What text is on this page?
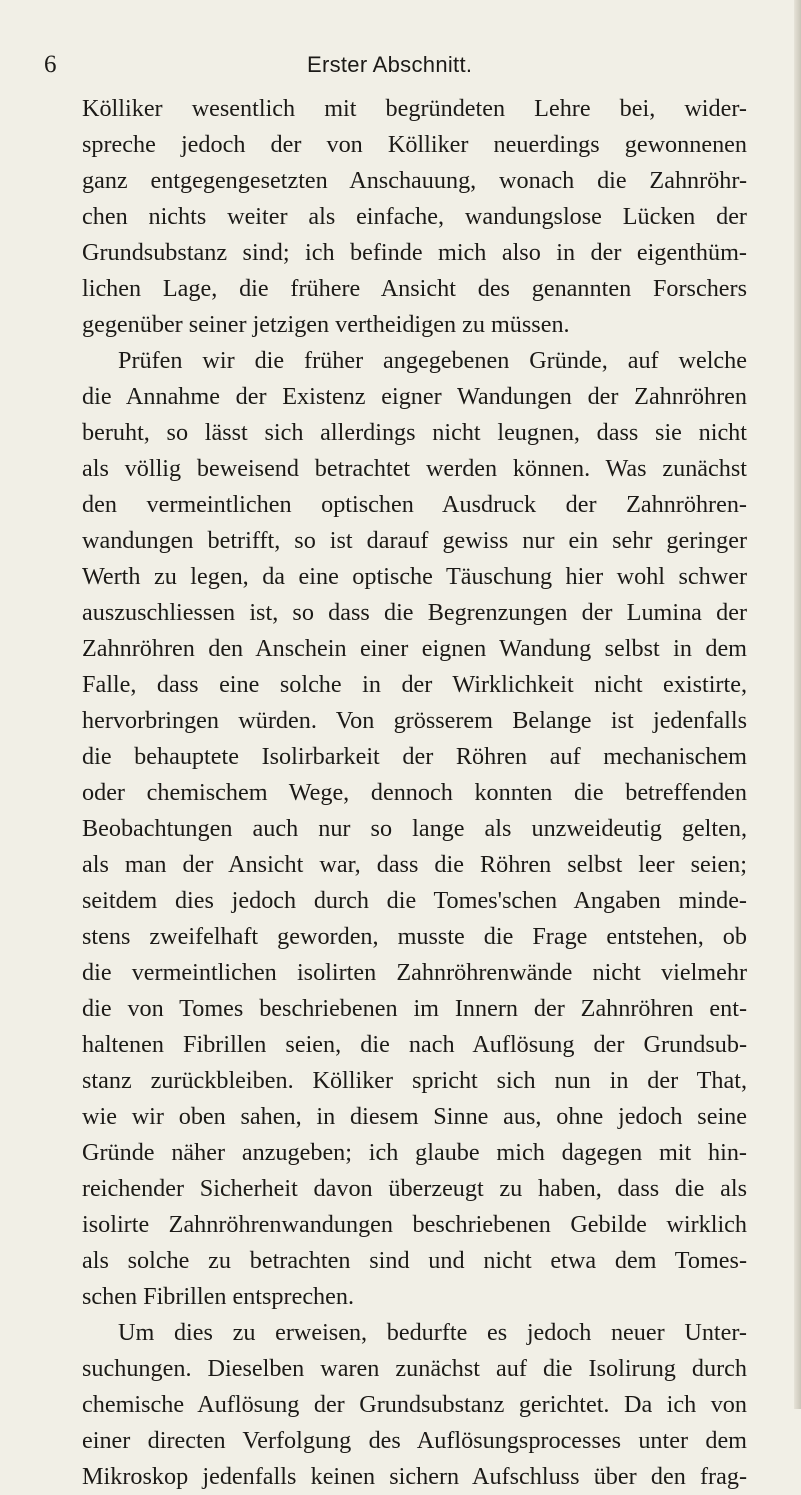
6	Erster Abschnitt.
Kölliker wesentlich mit begründeten Lehre bei, wider-
spreche jedoch der von Kölliker neuerdings gewonnenen
ganz entgegengesetzten Anschauung, wonach die Zahnröhr-
chen nichts weiter als einfache, wandungslose Lücken der
Grundsubstanz sind; ich befinde mich also in der eigenthüm-
lichen Lage, die frühere Ansicht des genannten Forschers
gegenüber seiner jetzigen vertheidigen zu müssen.
Prüfen wir die früher angegebenen Gründe, auf welche
die Annahme der Existenz eigner Wandungen der Zahnröhren
beruht, so lässt sich allerdings nicht leugnen, dass sie nicht
als völlig beweisend betrachtet werden können. Was zunächst
den vermeintlichen optischen Ausdruck der Zahnröhren-
wandungen betrifft, so ist darauf gewiss nur ein sehr geringer
Werth zu legen, da eine optische Täuschung hier wohl schwer
auszuschliessen ist, so dass die Begrenzungen der Lumina der
Zahnröhren den Anschein einer eignen Wandung selbst in dem
Falle, dass eine solche in der Wirklichkeit nicht existirte,
hervorbringen würden. Von grösserem Belange ist jedenfalls
die behauptete Isolirbarkeit der Röhren auf mechanischem
oder chemischem Wege, dennoch konnten die betreffenden
Beobachtungen auch nur so lange als unzweideutig gelten,
als man der Ansicht war, dass die Röhren selbst leer seien;
seitdem dies jedoch durch die Tomes'schen Angaben minde-
stens zweifelhaft geworden, musste die Frage entstehen, ob
die vermeintlichen isolirten Zahnröhrenwände nicht vielmehr
die von Tomes beschriebenen im Innern der Zahnröhren ent-
haltenen Fibrillen seien, die nach Auflösung der Grundsub-
stanz zurückbleiben. Kölliker spricht sich nun in der That,
wie wir oben sahen, in diesem Sinne aus, ohne jedoch seine
Gründe näher anzugeben; ich glaube mich dagegen mit hin-
reichender Sicherheit davon überzeugt zu haben, dass die als
isolirte Zahnröhrenwandungen beschriebenen Gebilde wirklich
als solche zu betrachten sind und nicht etwa dem Tomes-
schen Fibrillen entsprechen.
Um dies zu erweisen, bedurfte es jedoch neuer Unter-
suchungen. Dieselben waren zunächst auf die Isolirung durch
chemische Auflösung der Grundsubstanz gerichtet. Da ich von
einer directen Verfolgung des Auflösungsprocesses unter dem
Mikroskop jedenfalls keinen sichern Aufschluss über den frag-
